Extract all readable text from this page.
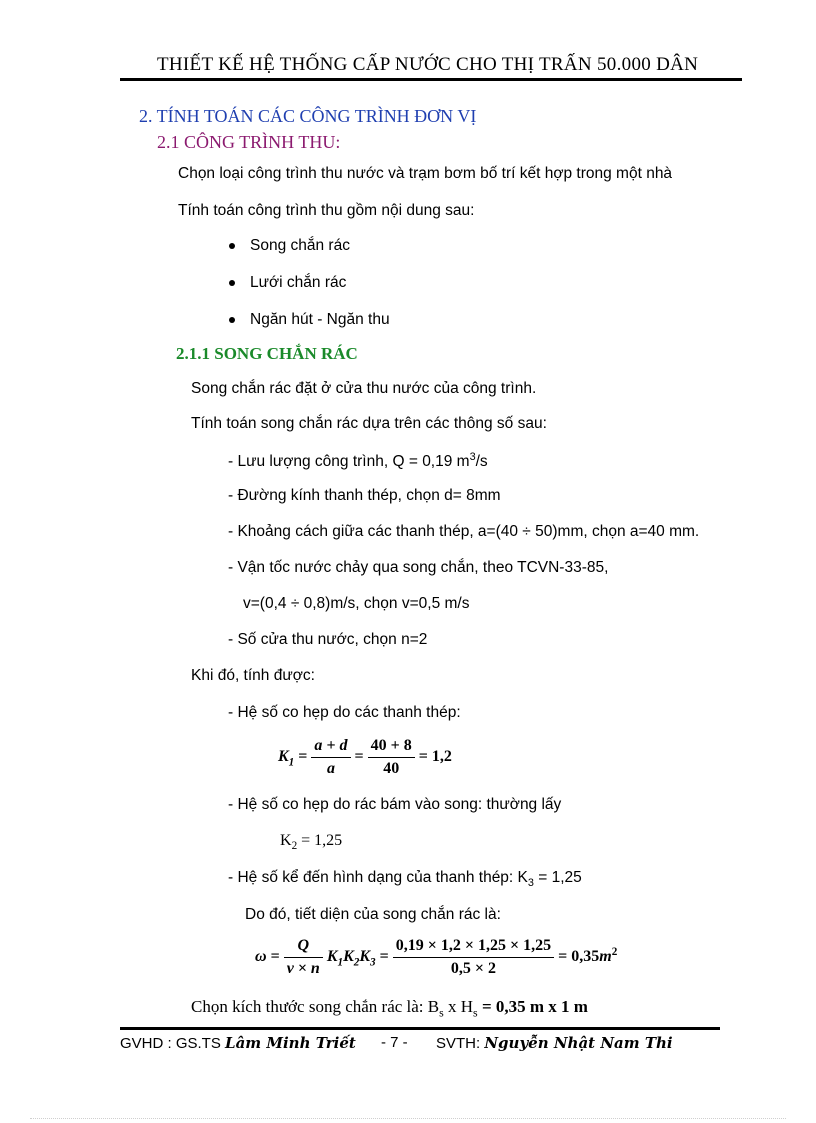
THIẾT KẾ HỆ THỐNG CẤP NƯỚC CHO THỊ TRẤN 50.000 DÂN
2. TÍNH TOÁN CÁC CÔNG TRÌNH ĐƠN VỊ
2.1 CÔNG TRÌNH THU:
Chọn loại công trình thu nước và trạm bơm bố trí kết hợp trong một nhà
Tính toán công trình thu gồm nội dung sau:
Song chắn rác
Lưới chắn rác
Ngăn hút - Ngăn thu
2.1.1 SONG CHẮN RÁC
Song chắn rác đặt ở cửa thu nước của công trình.
Tính toán song chắn rác dựa trên các thông số sau:
- Lưu lượng công trình, Q = 0,19 $m^3/s$
- Đường kính thanh thép, chọn d= 8mm
- Khoảng cách giữa các thanh thép, a=(40 ÷ 50)mm, chọn a=40 mm.
- Vận tốc nước chảy qua song chắn, theo TCVN-33-85,
v=(0,4 ÷ 0,8)m/s, chọn v=0,5 m/s
- Số cửa thu nước, chọn n=2
Khi đó, tính được:
- Hệ số co hẹp do các thanh thép:
$K_1 = \frac{a + d}{a} = \frac{40 + 8}{40} = 1,2$
- Hệ số co hẹp do rác bám vào song: thường lấy
$K_2 = 1,25$
- Hệ số kể đến hình dạng của thanh thép: $K_3 = 1,25$
Do đó, tiết diện của song chắn rác là:
$\omega = \frac{Q}{v \times n} K_1K_2K_3 = \frac{0,19 \times 1,2 \times 1,25 \times 1,25}{0,5 \times 2} = 0,35m^2$
Chọn kích thước song chắn rác là: $B_s$ x $H_s = 0,35$ m x 1 m
GVHD : GS.TS Lâm Minh Triết - 7 - SVTH: Nguyễn Nhật Nam Thi
